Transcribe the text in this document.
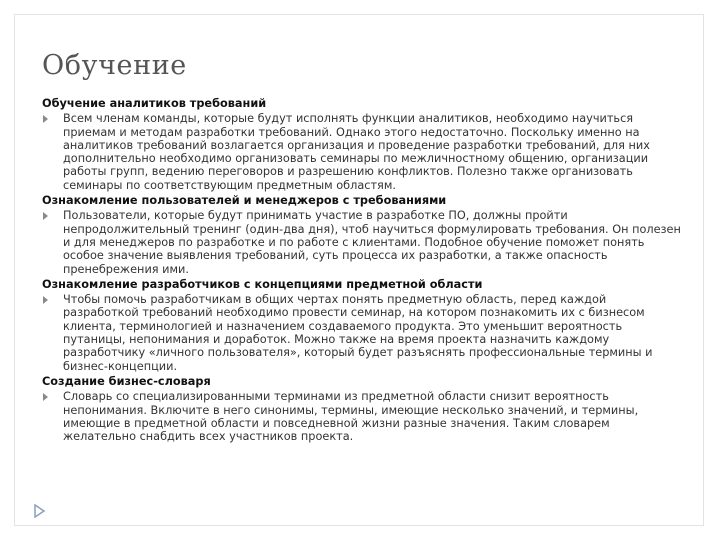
Обучение

Обучение аналитиков требований

Всем членам команды, которые будут исполнять функции аналитиков, необходимо научиться приемам и методам разработки требований. Однако этого недостаточно. Поскольку именно на аналитиков требований возлагается организация и проведение разработки требований, для них дополнительно необходимо организовать семинары по межличностному общению, организации работы групп, ведению переговоров и разрешению конфликтов. Полезно также организовать семинары по соответствующим предметным областям.

Ознакомление пользователей и менеджеров с требованиями

Пользователи, которые будут принимать участие в разработке ПО, должны пройти непродолжительный тренинг (один-два дня), чтоб научиться формулировать требования. Он полезен и для менеджеров по разработке и по работе с клиентами. Подобное обучение поможет понять особое значение выявления требований, суть процесса их разработки, а также опасность пренебрежения ими.

Ознакомление разработчиков с концепциями предметной области

Чтобы помочь разработчикам в общих чертах понять предметную область, перед каждой разработкой требований необходимо провести семинар, на котором познакомить их с бизнесом клиента, терминологией и назначением создаваемого продукта. Это уменьшит вероятность путаницы, непонимания и доработок. Можно также на время проекта назначить каждому разработчику «личного пользователя», который будет разъяснять профессиональные термины и бизнес-концепции.

Создание бизнес-словаря

Словарь со специализированными терминами из предметной области снизит вероятность непонимания. Включите в него синонимы, термины, имеющие несколько значений, и термины, имеющие в предметной области и повседневной жизни разные значения. Таким словарем желательно снабдить всех участников проекта.
